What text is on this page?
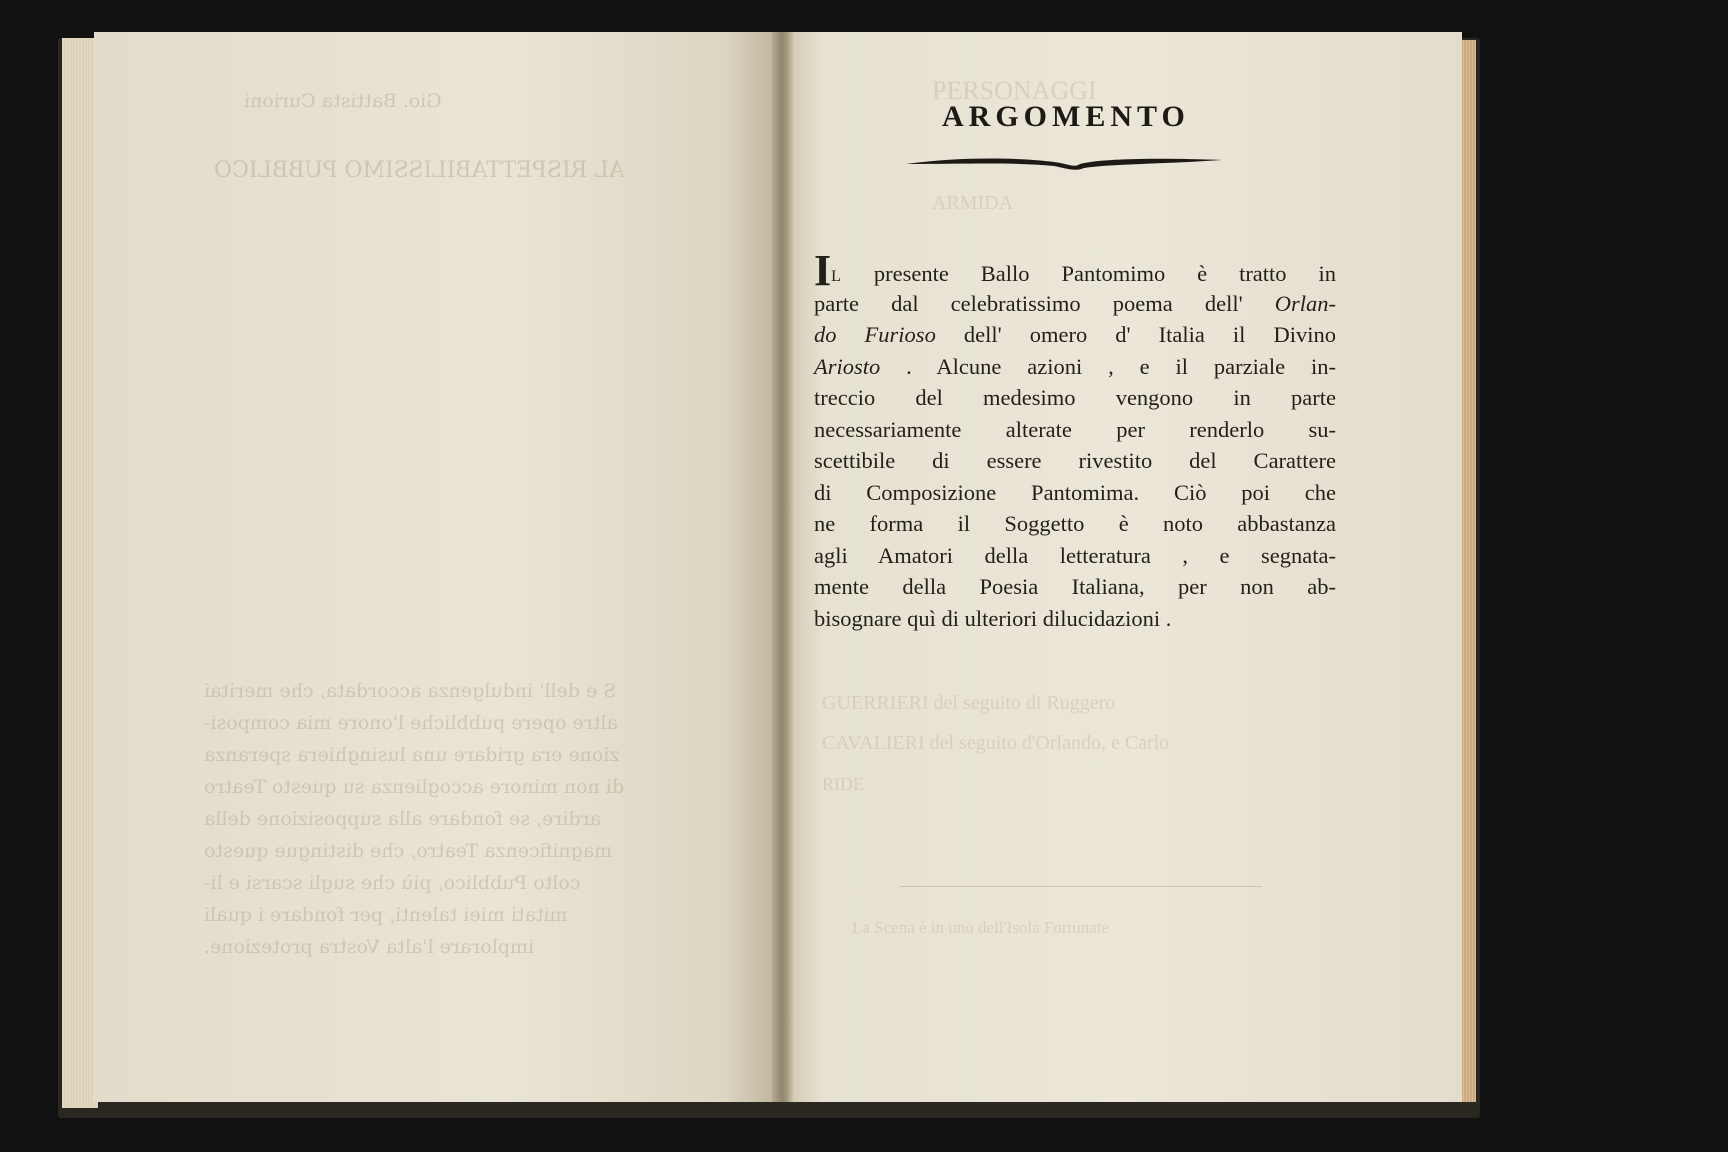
Gio. Battista Curioni
AL RISPETTABILISSIMO PUBBLICO
S e dell' indulgenza accordata, che meritai
altre opere pubbliche l'onore mia composi-
zione era gridare una lusinghiera speranza
di non minore accoglienza su questo Teatro
ardire, se fondare alla supposizione della
magnificenza Teatro, che distingue questo
colto Pubblico, più che sugli scarsi e li-
mitati miei talenti, per fondare i quali
implorare l'alta Vostra protezione.
PERSONAGGI
ARMIDA
CAVALIERI del seguito d'Orlando, e Carlo
GUERRIERI del seguito di Ruggero
RIDE
La Scena è in uno dell'Isola Fortunate
ARGOMENTO
IL presente Ballo Pantomimo è tratto in
parte dal celebratissimo poema dell' Orlan-
do Furioso dell' omero d' Italia il Divino
Ariosto . Alcune azioni , e il parziale in-
treccio del medesimo vengono in parte
necessariamente alterate per renderlo su-
scettibile di essere rivestito del Carattere
di Composizione Pantomima. Ciò poi che
ne forma il Soggetto è noto abbastanza
agli Amatori della letteratura , e segnata-
mente della Poesia Italiana, per non ab-
bisognare quì di ulteriori dilucidazioni .
